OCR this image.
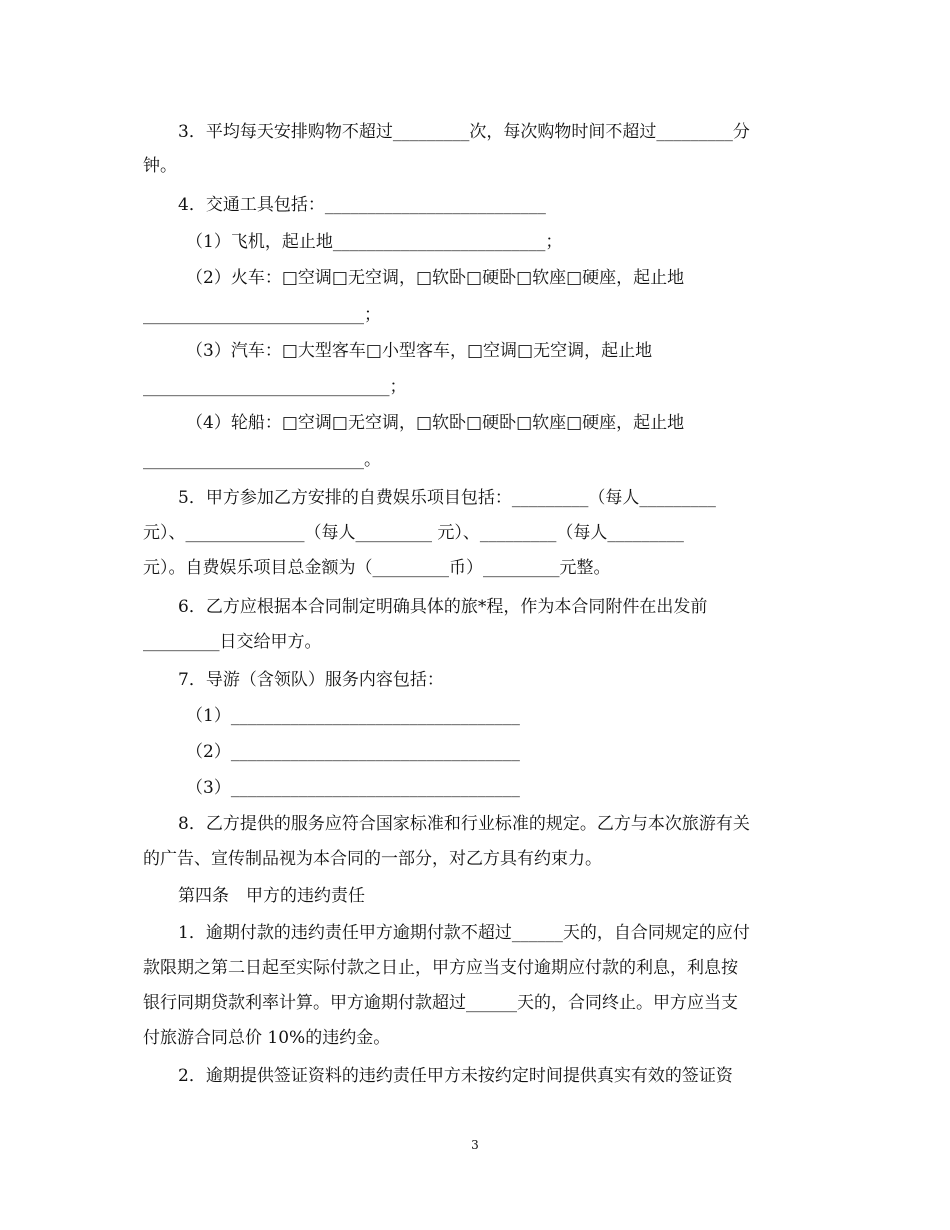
3．平均每天安排购物不超过_________次，每次购物时间不超过_________分
钟。
4．交通工具包括：__________________________
（1）飞机，起止地_________________________；
（2）火车：□空调□无空调，□软卧□硬卧□软座□硬座，起止地
__________________________；
（3）汽车：□大型客车□小型客车，□空调□无空调，起止地
_____________________________；
（4）轮船：□空调□无空调，□软卧□硬卧□软座□硬座，起止地
__________________________。
5．甲方参加乙方安排的自费娱乐项目包括：_________（每人_________
元）、______________（每人_________ 元）、_________（每人_________
元）。自费娱乐项目总金额为（_________币）_________元整。
6．乙方应根据本合同制定明确具体的旅*程，作为本合同附件在出发前
_________日交给甲方。
7．导游（含领队）服务内容包括：
（1）__________________________________
（2）__________________________________
（3）__________________________________
8．乙方提供的服务应符合国家标准和行业标准的规定。乙方与本次旅游有关
的广告、宣传制品视为本合同的一部分，对乙方具有约束力。
第四条　甲方的违约责任
1．逾期付款的违约责任甲方逾期付款不超过______天的，自合同规定的应付
款限期之第二日起至实际付款之日止，甲方应当支付逾期应付款的利息，利息按
银行同期贷款利率计算。甲方逾期付款超过______天的，合同终止。甲方应当支
付旅游合同总价 10%的违约金。
2．逾期提供签证资料的违约责任甲方未按约定时间提供真实有效的签证资
3
